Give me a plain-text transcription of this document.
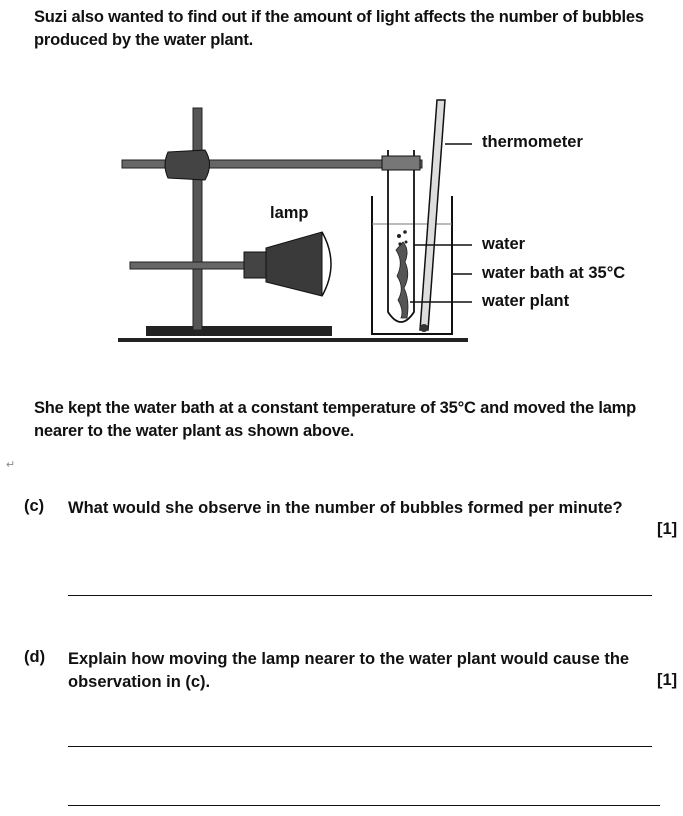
Suzi also wanted to find out if the amount of light affects the number of bubbles produced by the water plant.
thermometer
lamp
water
water bath at 35°C
water plant
She kept the water bath at a constant temperature of 35°C and moved the lamp nearer to the water plant as shown above.
↵
(c) What would she observe in the number of bubbles formed per minute?
[1]
(d) Explain how moving the lamp nearer to the water plant would cause the observation in (c).	[1]
